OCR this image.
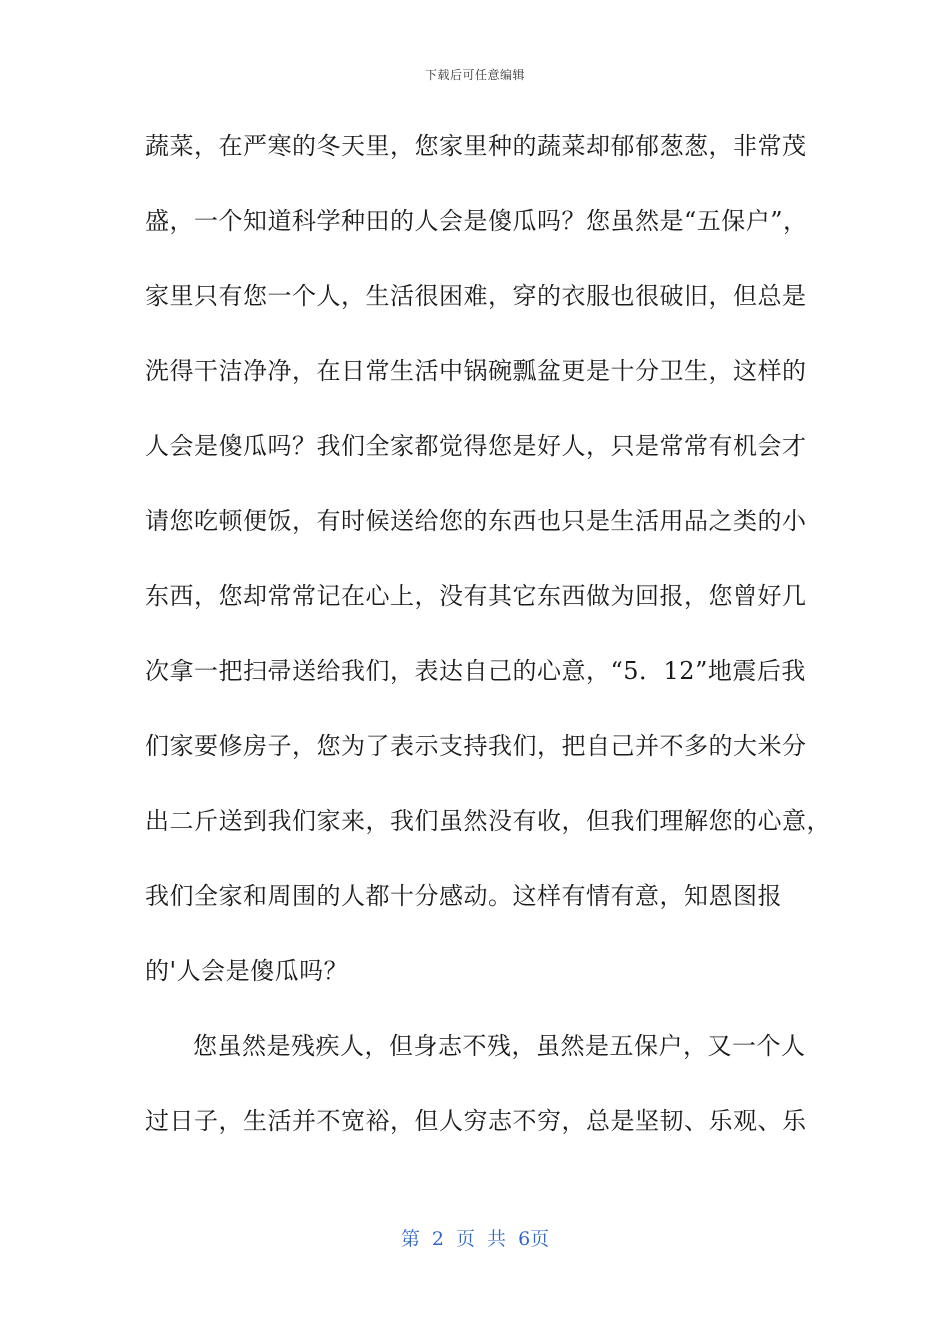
下载后可任意编辑
蔬菜，在严寒的冬天里，您家里种的蔬菜却郁郁葱葱，非常茂
盛，一个知道科学种田的人会是傻瓜吗？您虽然是“五保户”，
家里只有您一个人，生活很困难，穿的衣服也很破旧，但总是
洗得干洁净净，在日常生活中锅碗瓢盆更是十分卫生，这样的
人会是傻瓜吗？我们全家都觉得您是好人，只是常常有机会才
请您吃顿便饭，有时候送给您的东西也只是生活用品之类的小
东西，您却常常记在心上，没有其它东西做为回报，您曾好几
次拿一把扫帚送给我们，表达自己的心意，“5．12”地震后我
们家要修房子，您为了表示支持我们，把自己并不多的大米分
出二斤送到我们家来，我们虽然没有收，但我们理解您的心意，
我们全家和周围的人都十分感动。这样有情有意，知恩图报
的'人会是傻瓜吗？
您虽然是残疾人，但身志不残，虽然是五保户，又一个人
过日子，生活并不宽裕，但人穷志不穷，总是坚韧、乐观、乐
第 2 页 共 6页
